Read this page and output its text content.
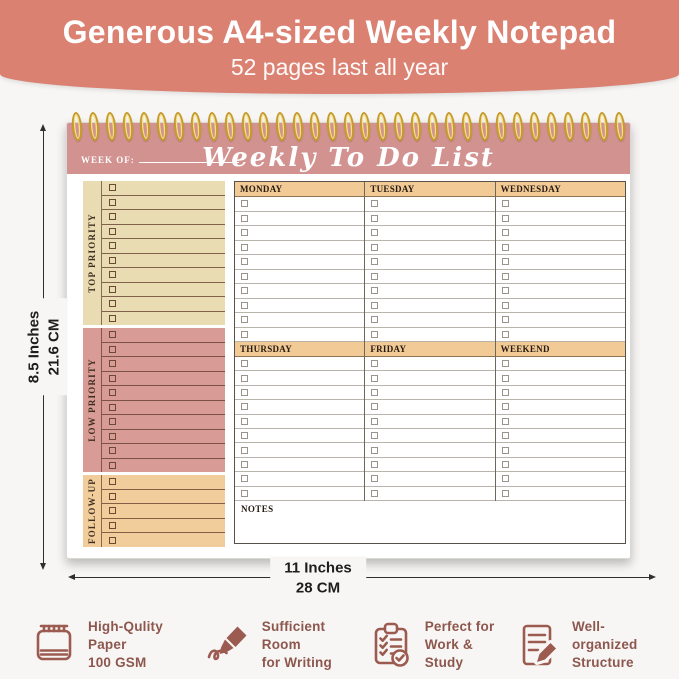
Generous A4-sized Weekly Notepad
52 pages last all year
WEEK OF:	Weekly To Do List
TOP PRIORITY
LOW PRIORITY
FOLLOW-UP
MONDAY	TUESDAY	WEDNESDAY
THURSDAY	FRIDAY	WEEKEND
NOTES
8.5 Inches 21.6 CM
11 Inches
28 CM
High-Qulity Paper
100 GSM
Sufficient Room
for Writing
Perfect for
Work & Study
Well-organized
Structure
